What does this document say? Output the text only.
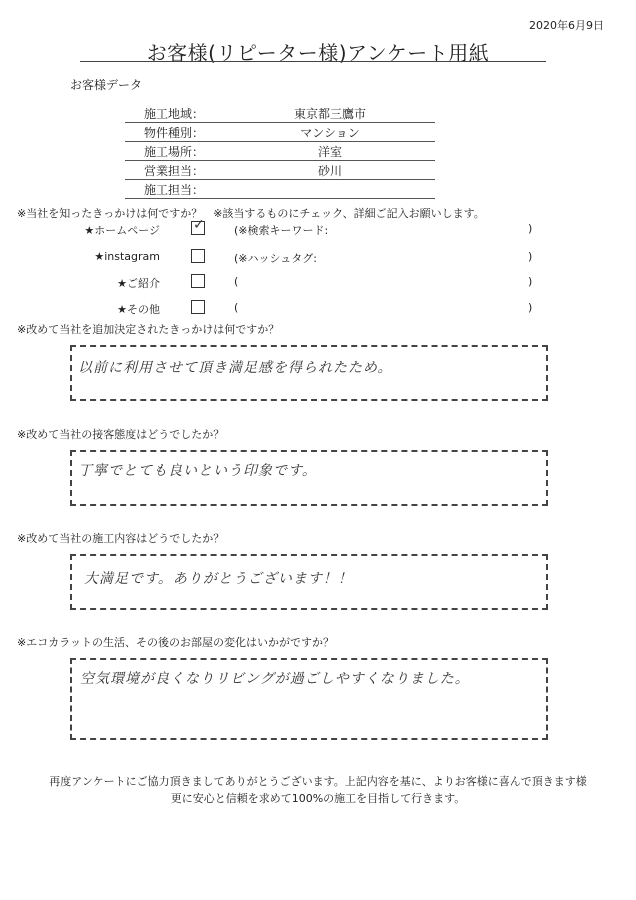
2020年6月9日
お客様(リピーター様)アンケート用紙
お客様データ
施工地域：	東京都三鷹市
物件種別：	マンション
施工場所：	洋室
営業担当：	砂川
施工担当：
※当社を知ったきっかけは何ですか？　※該当するものにチェック、詳細ご記入お願いします。
★ホームページ ✓	(※検索キーワード:	)
★instagram	(※ハッシュタグ:	)
★ご紹介	(	)
★その他	(	)
※改めて当社を追加決定されたきっかけは何ですか？
以前に利用させて頂き満足感を得られたため。
※改めて当社の接客態度はどうでしたか？
丁寧でとても良いという印象です。
※改めて当社の施工内容はどうでしたか？
大満足です。ありがとうございます！！
※エコカラットの生活、その後のお部屋の変化はいかがですか？
空気環境が良くなりリビングが過ごしやすくなりました。
再度アンケートにご協力頂きましてありがとうございます。上記内容を基に、よりお客様に喜んで頂きます様
更に安心と信頼を求めて100%の施工を目指して行きます。
